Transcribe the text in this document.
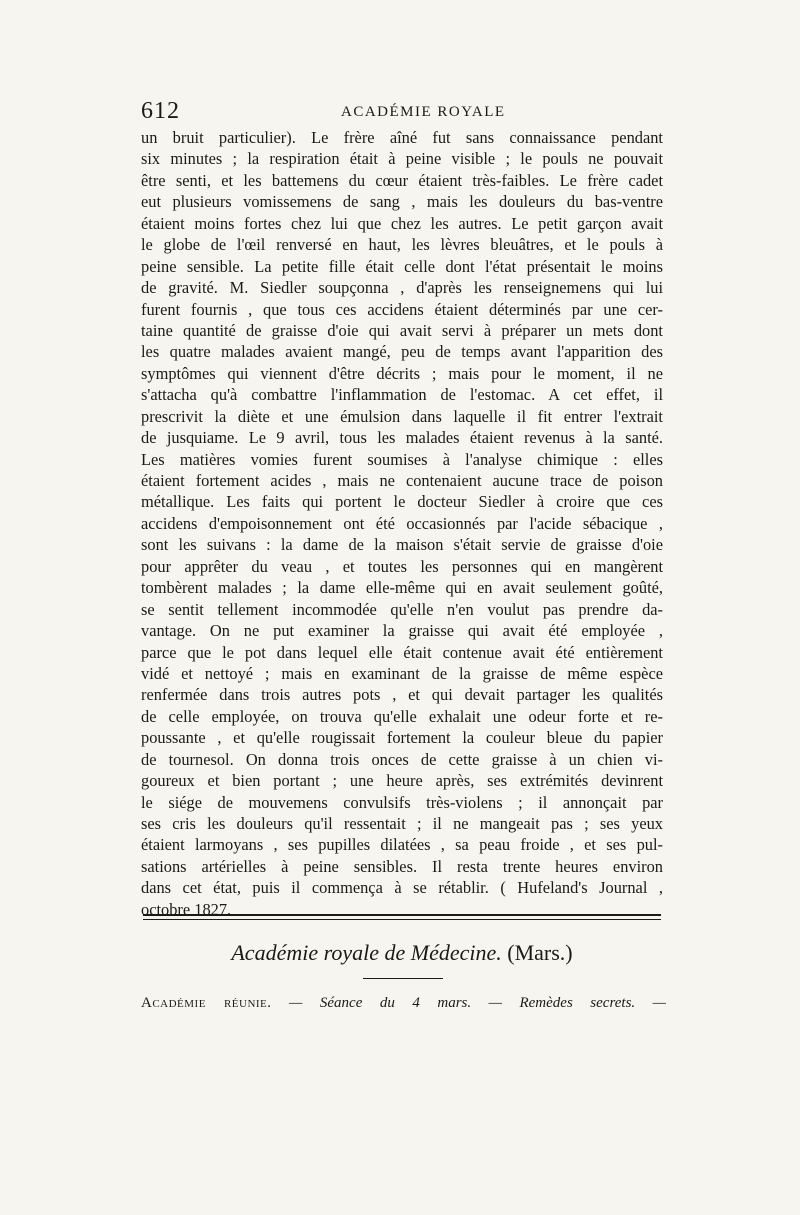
612	ACADÉMIE ROYALE
un bruit particulier). Le frère aîné fut sans connaissance pendant
six minutes ; la respiration était à peine visible ; le pouls ne pouvait
être senti, et les battemens du cœur étaient très-faibles. Le frère cadet
eut plusieurs vomissemens de sang , mais les douleurs du bas-ventre
étaient moins fortes chez lui que chez les autres. Le petit garçon avait
le globe de l'œil renversé en haut, les lèvres bleuâtres, et le pouls à
peine sensible. La petite fille était celle dont l'état présentait le moins
de gravité. M. Siedler soupçonna , d'après les renseignemens qui lui
furent fournis , que tous ces accidens étaient déterminés par une cer-
taine quantité de graisse d'oie qui avait servi à préparer un mets dont
les quatre malades avaient mangé, peu de temps avant l'apparition des
symptômes qui viennent d'être décrits ; mais pour le moment, il ne
s'attacha qu'à combattre l'inflammation de l'estomac. A cet effet, il
prescrivit la diète et une émulsion dans laquelle il fit entrer l'extrait
de jusquiame. Le 9 avril, tous les malades étaient revenus à la santé.
Les matières vomies furent soumises à l'analyse chimique : elles
étaient fortement acides , mais ne contenaient aucune trace de poison
métallique. Les faits qui portent le docteur Siedler à croire que ces
accidens d'empoisonnement ont été occasionnés par l'acide sébacique ,
sont les suivans : la dame de la maison s'était servie de graisse d'oie
pour apprêter du veau , et toutes les personnes qui en mangèrent
tombèrent malades ; la dame elle-même qui en avait seulement goûté,
se sentit tellement incommodée qu'elle n'en voulut pas prendre da-
vantage. On ne put examiner la graisse qui avait été employée ,
parce que le pot dans lequel elle était contenue avait été entièrement
vidé et nettoyé ; mais en examinant de la graisse de même espèce
renfermée dans trois autres pots , et qui devait partager les qualités
de celle employée, on trouva qu'elle exhalait une odeur forte et re-
poussante , et qu'elle rougissait fortement la couleur bleue du papier
de tournesol. On donna trois onces de cette graisse à un chien vi-
goureux et bien portant ; une heure après, ses extrémités devinrent
le siége de mouvemens convulsifs très-violens ; il annonçait par
ses cris les douleurs qu'il ressentait ; il ne mangeait pas ; ses yeux
étaient larmoyans , ses pupilles dilatées , sa peau froide , et ses pul-
sations artérielles à peine sensibles. Il resta trente heures environ
dans cet état, puis il commença à se rétablir. ( Hufeland's Journal ,
octobre 1827.
Académie royale de Médecine. (Mars.)
Académie réunie. — Séance du 4 mars. — Remèdes secrets. —
